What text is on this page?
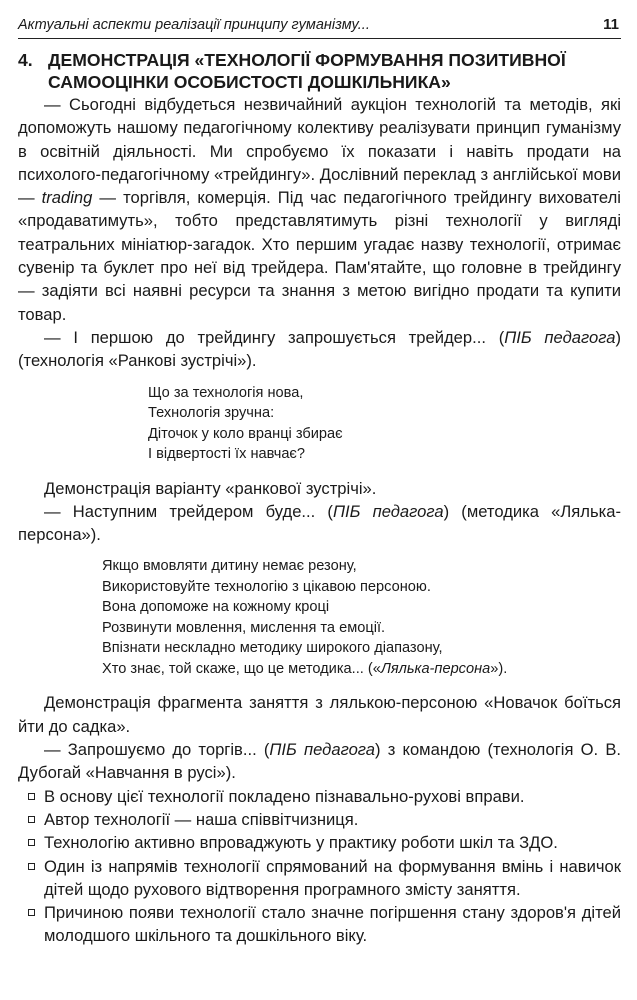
Актуальні аспекти реалізації принципу гуманізму...	11
4. ДЕМОНСТРАЦІЯ «ТЕХНОЛОГІЇ ФОРМУВАННЯ ПОЗИТИВНОЇ САМООЦІНКИ ОСОБИСТОСТІ ДОШКІЛЬНИКА»

— Сьогодні відбудеться незвичайний аукціон технологій та методів, які допоможуть нашому педагогічному колективу реалізувати принцип гуманізму в освітній діяльності. Ми спробуємо їх показати і навіть продати на психолого-педагогічному «трейдингу». Дослівний переклад з англійської мови — trading — торгівля, комерція. Під час педагогічного трейдингу вихователі «продаватимуть», тобто представлятимуть різні технології у вигляді театральних мініатюр-загадок. Хто першим угадає назву технології, отримає сувенір та буклет про неї від трейдера. Пам'ятайте, що головне в трейдингу — задіяти всі наявні ресурси та знання з метою вигідно продати та купити товар.

— І першою до трейдингу запрошується трейдер... (ПІБ педагога) (технологія «Ранкові зустрічі»).

Що за технологія нова,
Технологія зручна:
Діточок у коло вранці збирає
І відвертості їх навчає?

Демонстрація варіанту «ранкової зустрічі».

— Наступним трейдером буде... (ПІБ педагога) (методика «Лялька-персона»).

Якщо вмовляти дитину немає резону,
Використовуйте технологію з цікавою персоною.
Вона допоможе на кожному кроці
Розвинути мовлення, мислення та емоції.
Впізнати нескладно методику широкого діапазону,
Хто знає, той скаже, що це методика... («Лялька-персона»).

Демонстрація фрагмента заняття з лялькою-персоною «Новачок боїться йти до садка».

— Запрошуємо до торгів... (ПІБ педагога) з командою (технологія О. В. Дубогай «Навчання в русі»).

В основу цієї технології покладено пізнавально-рухові вправи.
Автор технології — наша співвітчизниця.
Технологію активно впроваджують у практику роботи шкіл та ЗДО.
Один із напрямів технології спрямований на формування вмінь і навичок дітей щодо рухового відтворення програмного змісту заняття.
Причиною появи технології стало значне погіршення стану здоров'я дітей молодшого шкільного та дошкільного віку.
